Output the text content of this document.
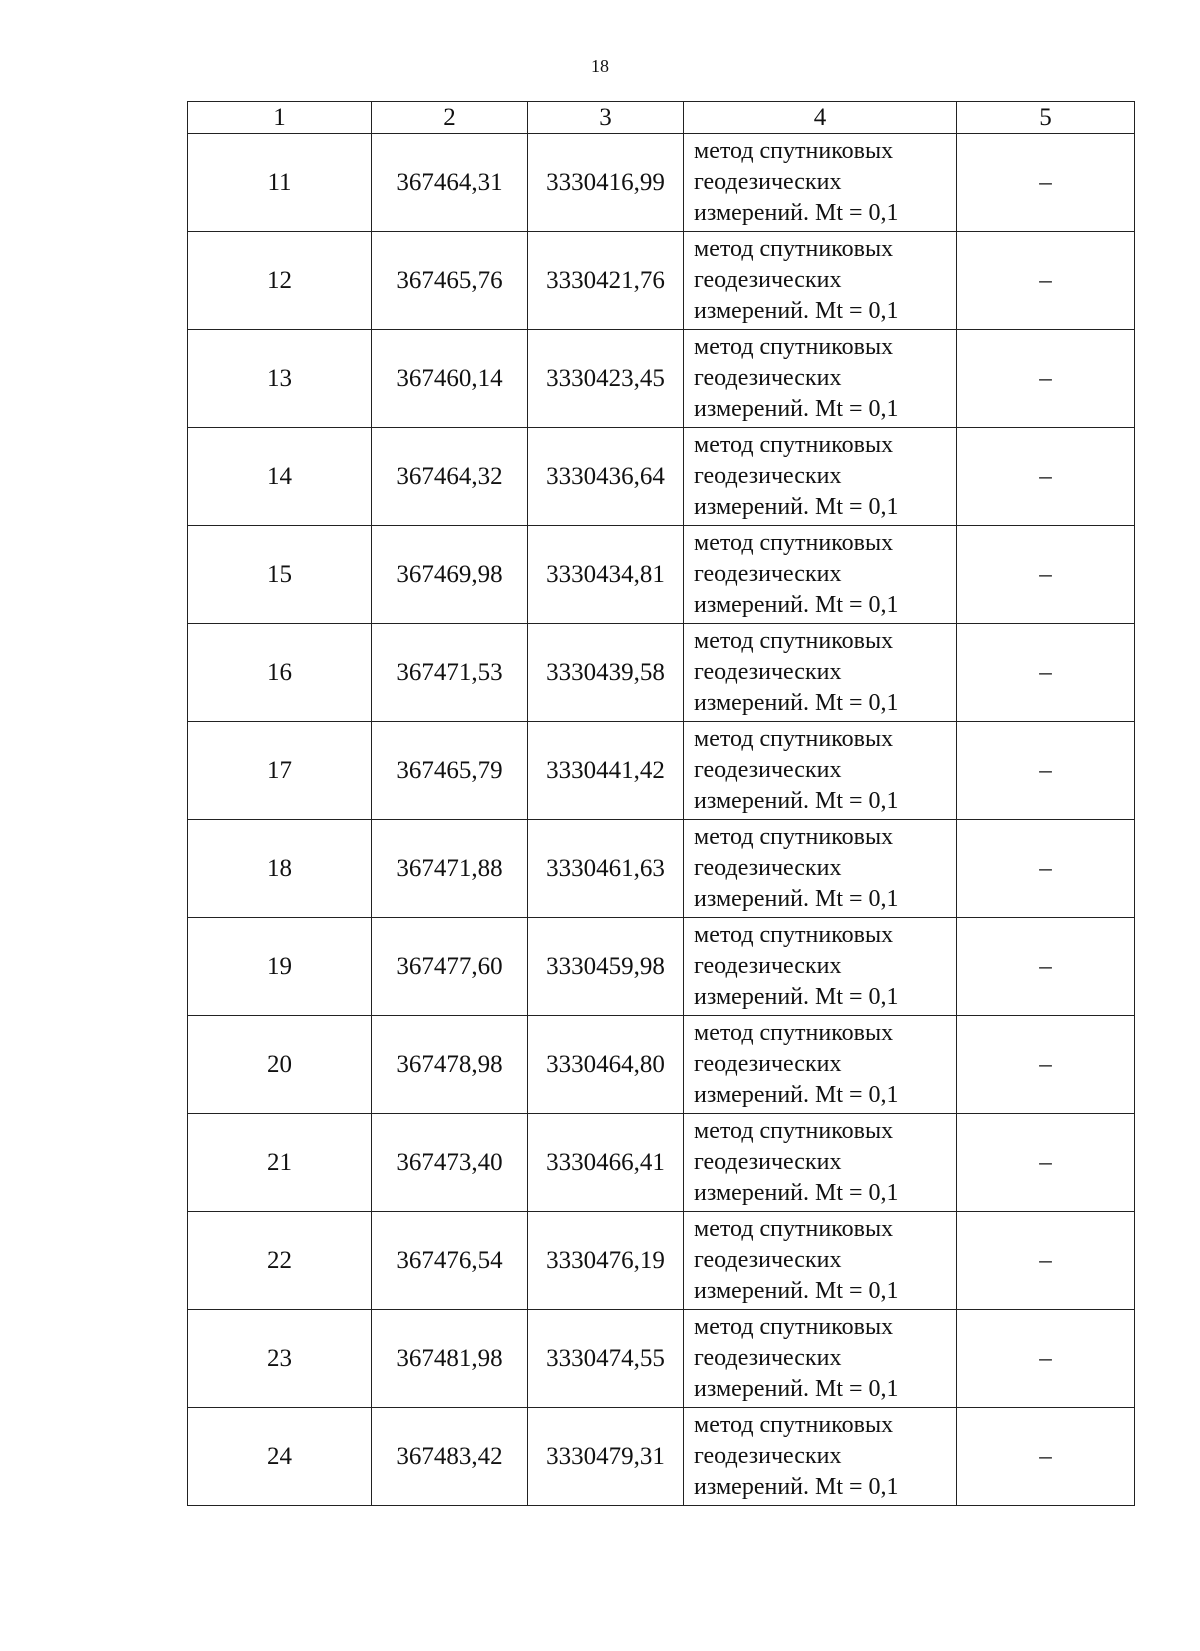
18
1	2	3	4	5
11	367464,31	3330416,99	метод спутниковых
геодезических
измерений. Mt = 0,1	–
12	367465,76	3330421,76	метод спутниковых
геодезических
измерений. Mt = 0,1	–
13	367460,14	3330423,45	метод спутниковых
геодезических
измерений. Mt = 0,1	–
14	367464,32	3330436,64	метод спутниковых
геодезических
измерений. Mt = 0,1	–
15	367469,98	3330434,81	метод спутниковых
геодезических
измерений. Mt = 0,1	–
16	367471,53	3330439,58	метод спутниковых
геодезических
измерений. Mt = 0,1	–
17	367465,79	3330441,42	метод спутниковых
геодезических
измерений. Mt = 0,1	–
18	367471,88	3330461,63	метод спутниковых
геодезических
измерений. Mt = 0,1	–
19	367477,60	3330459,98	метод спутниковых
геодезических
измерений. Mt = 0,1	–
20	367478,98	3330464,80	метод спутниковых
геодезических
измерений. Mt = 0,1	–
21	367473,40	3330466,41	метод спутниковых
геодезических
измерений. Mt = 0,1	–
22	367476,54	3330476,19	метод спутниковых
геодезических
измерений. Mt = 0,1	–
23	367481,98	3330474,55	метод спутниковых
геодезических
измерений. Mt = 0,1	–
24	367483,42	3330479,31	метод спутниковых
геодезических
измерений. Mt = 0,1	–
